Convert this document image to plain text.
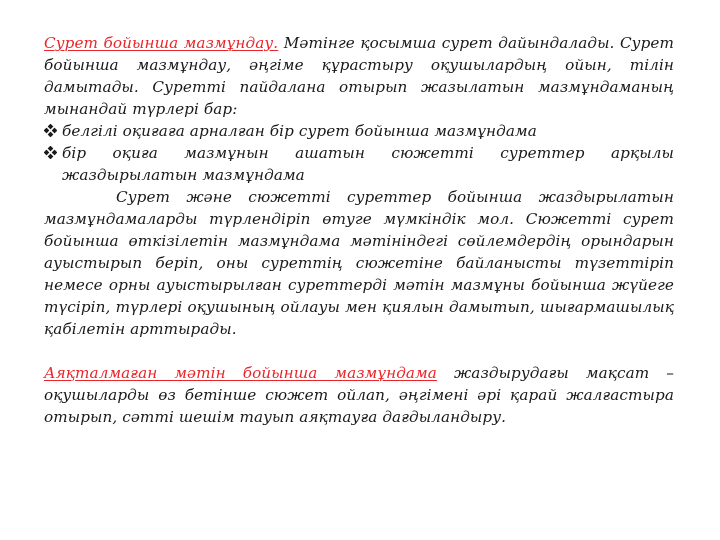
Сурет бойынша мазмұндау. Мәтінге қосымша сурет дайындалады. Сурет бойынша мазмұндау, әңгіме құрастыру оқушылардың ойын, тілін дамытады. Суретті пайдалана отырып жазылатын мазмұндаманың мынандай түрлері бар:

белгілі оқиғаға арналған бір сурет бойынша мазмұндама
бір оқиға мазмұнын ашатын сюжетті суреттер арқылы жаздырылатын мазмұндама

Сурет және сюжетті суреттер бойынша жаздырылатын мазмұндамаларды түрлендіріп өтуге мүмкіндік мол. Сюжетті сурет бойынша өткізілетін мазмұндама мәтініндегі сөйлемдердің орындарын ауыстырып беріп, оны суреттің сюжетіне байланысты түзеттіріп немесе орны ауыстырылған суреттерді мәтін мазмұны бойынша жүйеге түсіріп, түрлері оқушының ойлауы мен қиялын дамытып, шығармашылық қабілетін арттырады.

Аяқталмаған мәтін бойынша мазмұндама жаздырудағы мақсат – оқушыларды өз бетінше сюжет ойлап, әңгімені әрі қарай жалғастыра отырып, сәтті шешім тауып аяқтауға дағдыландыру.
